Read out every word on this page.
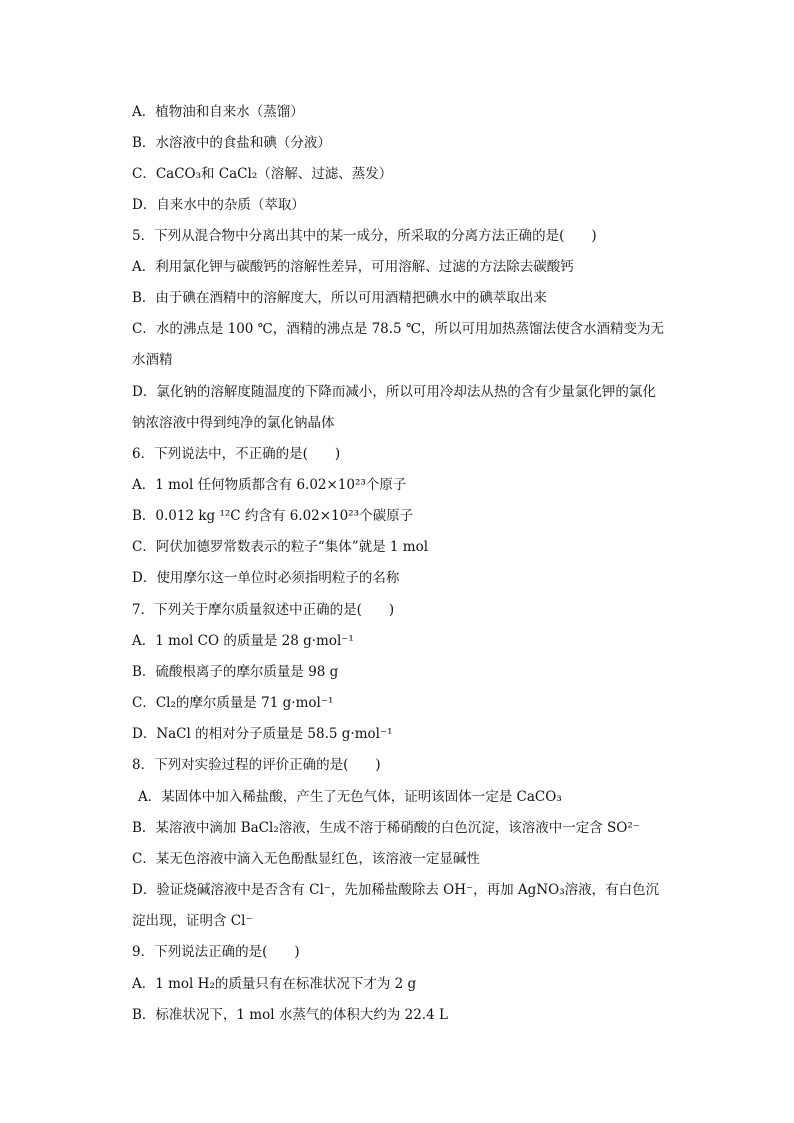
A．植物油和自来水（蒸馏）
B．水溶液中的食盐和碘（分液）
C．CaCO₃和 CaCl₂（溶解、过滤、蒸发）
D．自来水中的杂质（萃取）
5．下列从混合物中分离出其中的某一成分，所采取的分离方法正确的是(　　)
A．利用氯化钾与碳酸钙的溶解性差异，可用溶解、过滤的方法除去碳酸钙
B．由于碘在酒精中的溶解度大，所以可用酒精把碘水中的碘萃取出来
C．水的沸点是 100 ℃，酒精的沸点是 78.5 ℃，所以可用加热蒸馏法使含水酒精变为无
水酒精
D．氯化钠的溶解度随温度的下降而减小，所以可用冷却法从热的含有少量氯化钾的氯化
钠浓溶液中得到纯净的氯化钠晶体
6．下列说法中，不正确的是(　　)
A．1 mol 任何物质都含有 6.02×10²³个原子
B．0.012 kg ¹²C 约含有 6.02×10²³个碳原子
C．阿伏加德罗常数表示的粒子“集体”就是 1 mol
D．使用摩尔这一单位时必须指明粒子的名称
7．下列关于摩尔质量叙述中正确的是(　　)
A．1 mol CO 的质量是 28 g·mol⁻¹
B．硫酸根离子的摩尔质量是 98 g
C．Cl₂的摩尔质量是 71 g·mol⁻¹
D．NaCl 的相对分子质量是 58.5 g·mol⁻¹
8．下列对实验过程的评价正确的是(　　)
A．某固体中加入稀盐酸，产生了无色气体，证明该固体一定是 CaCO₃
B．某溶液中滴加 BaCl₂溶液，生成不溶于稀硝酸的白色沉淀，该溶液中一定含 SO²⁻
C．某无色溶液中滴入无色酚酞显红色，该溶液一定显碱性
D．验证烧碱溶液中是否含有 Cl⁻，先加稀盐酸除去 OH⁻，再加 AgNO₃溶液，有白色沉
淀出现，证明含 Cl⁻
9．下列说法正确的是(　　)
A．1 mol H₂的质量只有在标准状况下才为 2 g
B．标准状况下，1 mol 水蒸气的体积大约为 22.4 L
